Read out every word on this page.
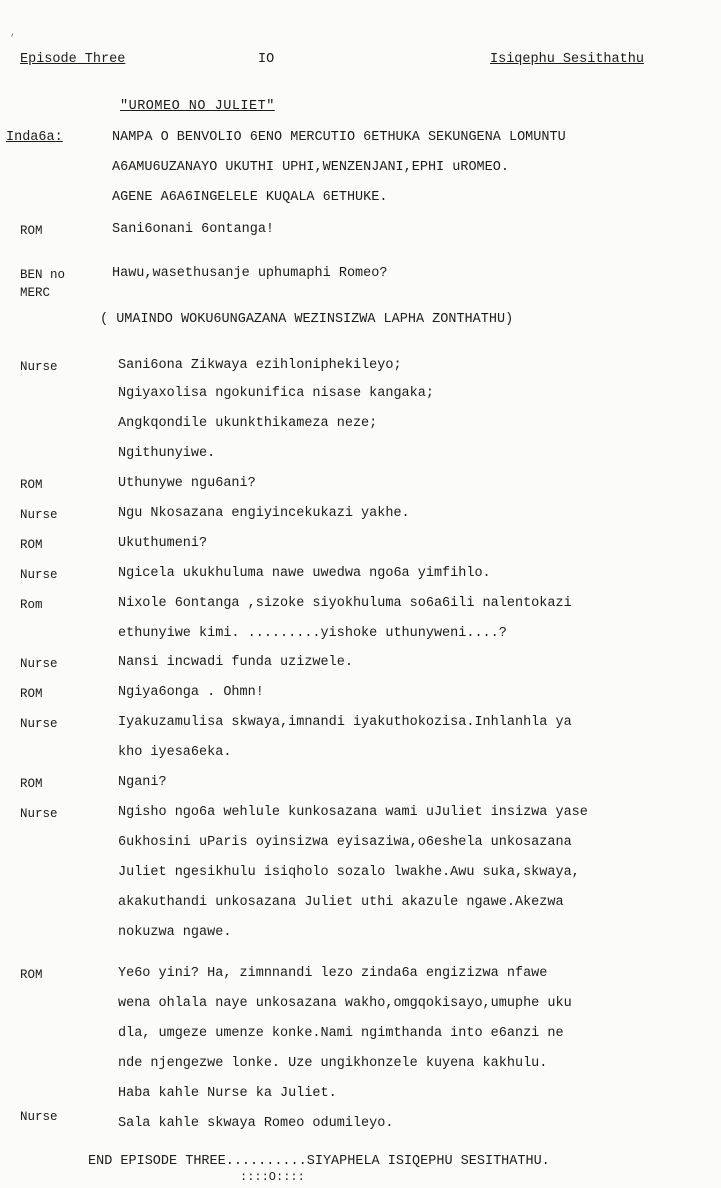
Episode Three	IO	Isiqephu Sesithathu
"UROMEO NO JULIET"
Inda6a:	NAMPA O BENVOLIO 6ENO MERCUTIO 6ETHUKA SEKUNGENA LOMUNTU
A6AMU6UZANAYO UKUTHI UPHI,WENZENJANI,EPHI uROMEO.
AGENE A6A6INGELELE KUQALA 6ETHUKE.
ROM	Sani6onani 6ontanga!
BEN no	Hawu,wasethusanje uphumaphi Romeo?
MERC
( UMAINDO WOKU6UNGAZANA WEZINSIZWA LAPHA ZONTHATHU)
Nurse	Sani6ona Zikwaya ezihloniphekileyo;
Ngiyaxolisa ngokunifica nisase kangaka;
Angkqondile ukunkthikameza neze;
Ngithunyiwe.
ROM	Uthunywe ngu6ani?
Nurse	Ngu Nkosazana engiyincekukazi yakhe.
ROM	Ukuthumeni?
Nurse	Ngicela ukukhuluma nawe uwedwa ngo6a yimfihlo.
Rom	Nixole 6ontanga ,sizoke siyokhuluma so6a6ili nalentokazi
ethunyiwe kimi. .........yishoke uthunyweni....?
Nurse	Nansi incwadi funda uzizwele.
ROM	Ngiya6onga . Ohmn!
Nurse	Iyakuzamulisa skwaya,imnandi iyakuthokozisa.Inhlanhla ya
kho iyesa6eka.
ROM	Ngani?
Nurse	Ngisho ngo6a wehlule kunkosazana wami uJuliet insizwa yase
6ukhosini uParis oyinsizwa eyisaziwa,o6eshela unkosazana
Juliet ngesikhulu isiqholo sozalo lwakhe.Awu suka,skwaya,
akakuthandi unkosazana Juliet uthi akazule ngawe.Akezwa
nokuzwa ngawe.
ROM	Ye6o yini? Ha, zimnnandi lezo zinda6a engizizwa nfawe
wena ohlala naye unkosazana wakho,omgqokisayo,umuphe uku
dla, umgeze umenze konke.Nami ngimthanda into e6anzi ne
nde njengezwe lonke. Uze ungikhonzele kuyena kakhulu.
Haba kahle Nurse ka Juliet.
Nurse	Sala kahle skwaya Romeo odumileyo.
END EPISODE THREE..........SIYAPHELA ISIQEPHU SESITHATHU.
::::O::::
,
